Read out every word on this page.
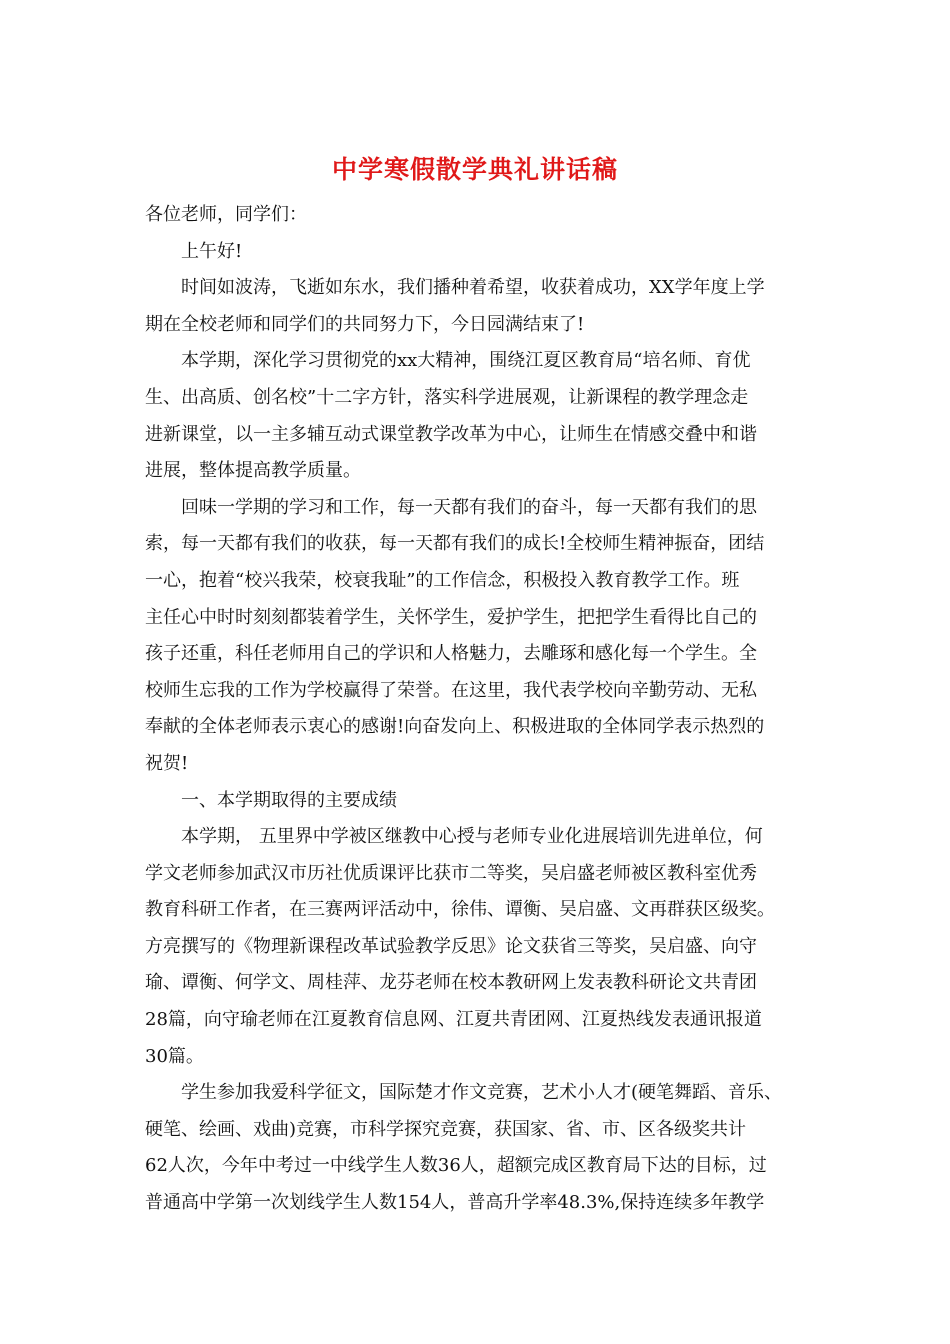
中学寒假散学典礼讲话稿
各位老师，同学们：
上午好!
时间如波涛，飞逝如东水，我们播种着希望，收获着成功，XX学年度上学
期在全校老师和同学们的共同努力下，今日园满结束了!
本学期，深化学习贯彻党的xx大精神，围绕江夏区教育局“培名师、育优
生、出高质、创名校”十二字方针，落实科学进展观，让新课程的教学理念走
进新课堂，以一主多辅互动式课堂教学改革为中心，让师生在情感交叠中和谐
进展，整体提高教学质量。
回味一学期的学习和工作，每一天都有我们的奋斗，每一天都有我们的思
索，每一天都有我们的收获，每一天都有我们的成长!全校师生精神振奋，团结
一心，抱着“校兴我荣，校衰我耻”的工作信念，积极投入教育教学工作。班
主任心中时时刻刻都装着学生，关怀学生，爱护学生，把把学生看得比自己的
孩子还重，科任老师用自己的学识和人格魅力，去雕琢和感化每一个学生。全
校师生忘我的工作为学校赢得了荣誉。在这里，我代表学校向辛勤劳动、无私
奉献的全体老师表示衷心的感谢!向奋发向上、积极进取的全体同学表示热烈的
祝贺!
一、本学期取得的主要成绩
本学期， 五里界中学被区继教中心授与老师专业化进展培训先进单位，何
学文老师参加武汉市历社优质课评比获市二等奖，吴启盛老师被区教科室优秀
教育科研工作者，在三赛两评活动中，徐伟、谭衡、吴启盛、文再群获区级奖。
方亮撰写的《物理新课程改革试验教学反思》论文获省三等奖，吴启盛、向守
瑜、谭衡、何学文、周桂萍、龙芬老师在校本教研网上发表教科研论文共青团
28篇，向守瑜老师在江夏教育信息网、江夏共青团网、江夏热线发表通讯报道
30篇。
学生参加我爱科学征文，国际楚才作文竞赛，艺术小人才(硬笔舞蹈、音乐、
硬笔、绘画、戏曲)竞赛，市科学探究竞赛，获国家、省、市、区各级奖共计
62人次，今年中考过一中线学生人数36人，超额完成区教育局下达的目标，过
普通高中学第一次划线学生人数154人，普高升学率48.3%,保持连续多年教学
